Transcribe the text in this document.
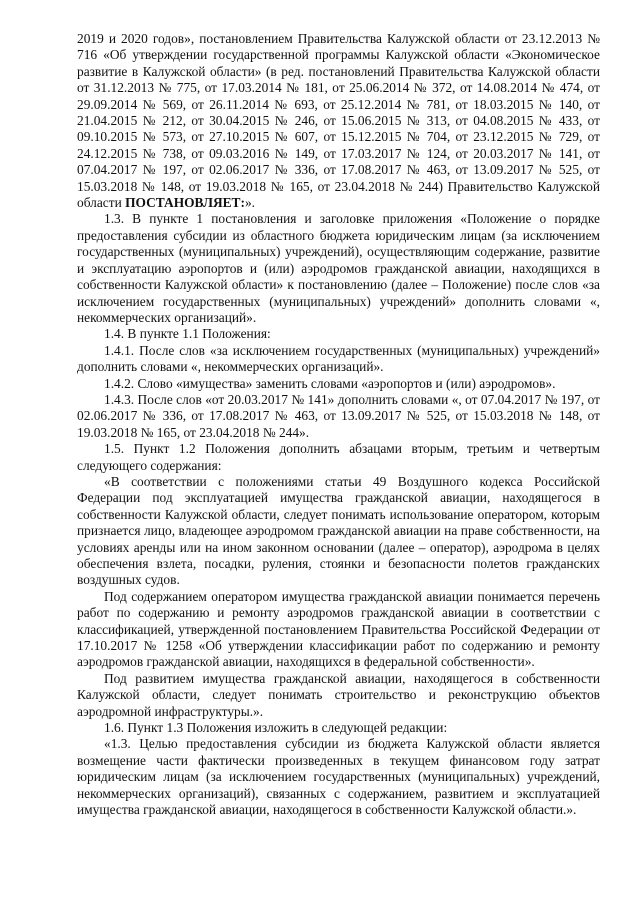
2019 и 2020 годов», постановлением Правительства Калужской области от 23.12.2013 № 716 «Об утверждении государственной программы Калужской области «Экономическое развитие в Калужской области» (в ред. постановлений Правительства Калужской области от 31.12.2013 № 775, от 17.03.2014 № 181, от 25.06.2014 № 372, от 14.08.2014 № 474, от 29.09.2014 № 569, от 26.11.2014 № 693, от 25.12.2014 № 781, от 18.03.2015 № 140, от 21.04.2015 № 212, от 30.04.2015 № 246, от 15.06.2015 № 313, от 04.08.2015 № 433, от 09.10.2015 № 573, от 27.10.2015 № 607, от 15.12.2015 № 704, от 23.12.2015 № 729, от 24.12.2015 № 738, от 09.03.2016 № 149, от 17.03.2017 № 124, от 20.03.2017 № 141, от 07.04.2017 № 197, от 02.06.2017 № 336, от 17.08.2017 № 463, от 13.09.2017 № 525, от 15.03.2018 № 148, от 19.03.2018 № 165, от 23.04.2018 № 244) Правительство Калужской области ПОСТАНОВЛЯЕТ:».

1.3. В пункте 1 постановления и заголовке приложения «Положение о порядке предоставления субсидии из областного бюджета юридическим лицам (за исключением государственных (муниципальных) учреждений), осуществляющим содержание, развитие и эксплуатацию аэропортов и (или) аэродромов гражданской авиации, находящихся в собственности Калужской области» к постановлению (далее – Положение) после слов «за исключением государственных (муниципальных) учреждений» дополнить словами «, некоммерческих организаций».

1.4. В пункте 1.1 Положения:

1.4.1. После слов «за исключением государственных (муниципальных) учреждений» дополнить словами «, некоммерческих организаций».

1.4.2. Слово «имущества» заменить словами «аэропортов и (или) аэродромов».

1.4.3. После слов «от 20.03.2017 № 141» дополнить словами «, от 07.04.2017 № 197, от 02.06.2017 № 336, от 17.08.2017 № 463, от 13.09.2017 № 525, от 15.03.2018 № 148, от 19.03.2018 № 165, от 23.04.2018 № 244».

1.5. Пункт 1.2 Положения дополнить абзацами вторым, третьим и четвертым следующего содержания:

«В соответствии с положениями статьи 49 Воздушного кодекса Российской Федерации под эксплуатацией имущества гражданской авиации, находящегося в собственности Калужской области, следует понимать использование оператором, которым признается лицо, владеющее аэродромом гражданской авиации на праве собственности, на условиях аренды или на ином законном основании (далее – оператор), аэродрома в целях обеспечения взлета, посадки, руления, стоянки и безопасности полетов гражданских воздушных судов.

Под содержанием оператором имущества гражданской авиации понимается перечень работ по содержанию и ремонту аэродромов гражданской авиации в соответствии с классификацией, утвержденной постановлением Правительства Российской Федерации от 17.10.2017 № 1258 «Об утверждении классификации работ по содержанию и ремонту аэродромов гражданской авиации, находящихся в федеральной собственности».

Под развитием имущества гражданской авиации, находящегося в собственности Калужской области, следует понимать строительство и реконструкцию объектов аэродромной инфраструктуры.».

1.6. Пункт 1.3 Положения изложить в следующей редакции:

«1.3. Целью предоставления субсидии из бюджета Калужской области является возмещение части фактически произведенных в текущем финансовом году затрат юридическим лицам (за исключением государственных (муниципальных) учреждений, некоммерческих организаций), связанных с содержанием, развитием и эксплуатацией имущества гражданской авиации, находящегося в собственности Калужской области.».
